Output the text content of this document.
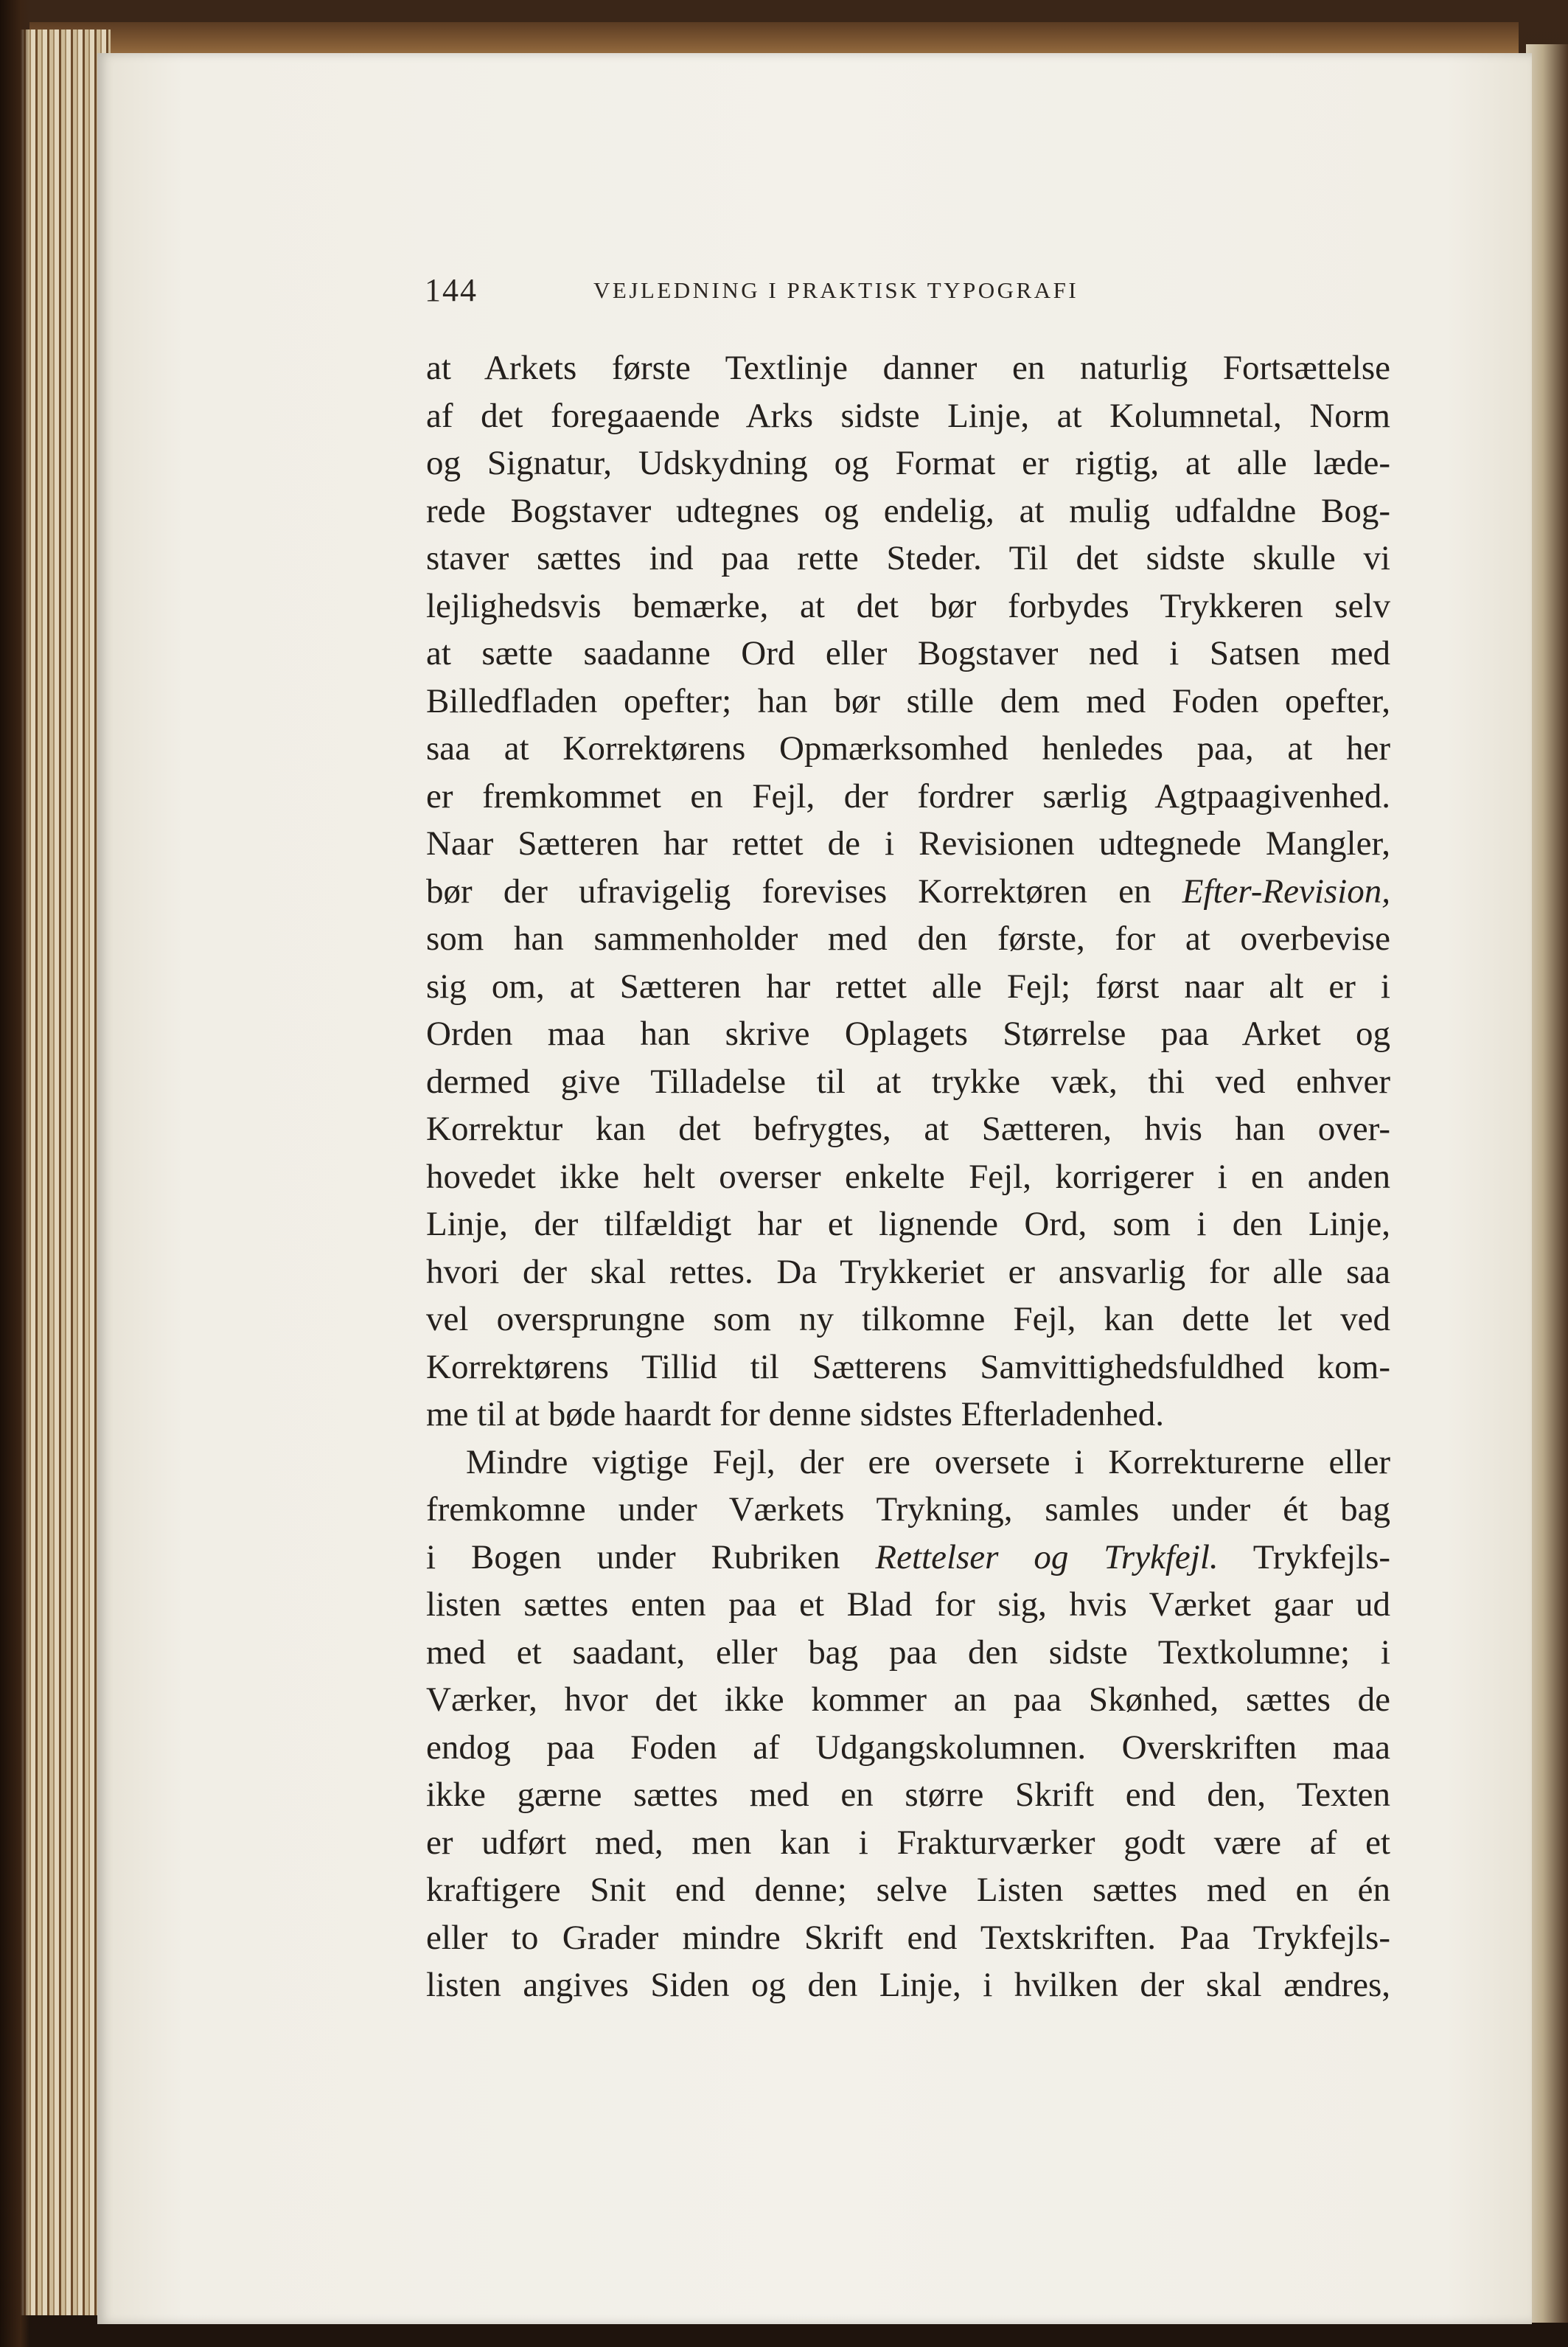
144	VEJLEDNING I PRAKTISK TYPOGRAFI
at Arkets første Textlinje danner en naturlig Fortsættelse
af det foregaaende Arks sidste Linje, at Kolumnetal, Norm
og Signatur, Udskydning og Format er rigtig, at alle læde-
rede Bogstaver udtegnes og endelig, at mulig udfaldne Bog-
staver sættes ind paa rette Steder. Til det sidste skulle vi
lejlighedsvis bemærke, at det bør forbydes Trykkeren selv
at sætte saadanne Ord eller Bogstaver ned i Satsen med
Billedfladen opefter; han bør stille dem med Foden opefter,
saa at Korrektørens Opmærksomhed henledes paa, at her
er fremkommet en Fejl, der fordrer særlig Agtpaagivenhed.
Naar Sætteren har rettet de i Revisionen udtegnede Mangler,
bør der ufravigelig forevises Korrektøren en Efter-Revision,
som han sammenholder med den første, for at overbevise
sig om, at Sætteren har rettet alle Fejl; først naar alt er i
Orden maa han skrive Oplagets Størrelse paa Arket og
dermed give Tilladelse til at trykke væk, thi ved enhver
Korrektur kan det befrygtes, at Sætteren, hvis han over-
hovedet ikke helt overser enkelte Fejl, korrigerer i en anden
Linje, der tilfældigt har et lignende Ord, som i den Linje,
hvori der skal rettes. Da Trykkeriet er ansvarlig for alle saa
vel oversprungne som ny tilkomne Fejl, kan dette let ved
Korrektørens Tillid til Sætterens Samvittighedsfuldhed kom-
me til at bøde haardt for denne sidstes Efterladenhed.
Mindre vigtige Fejl, der ere oversete i Korrekturerne eller
fremkomne under Værkets Trykning, samles under ét bag
i Bogen under Rubriken Rettelser og Trykfejl. Trykfejls-
listen sættes enten paa et Blad for sig, hvis Værket gaar ud
med et saadant, eller bag paa den sidste Textkolumne; i
Værker, hvor det ikke kommer an paa Skønhed, sættes de
endog paa Foden af Udgangskolumnen. Overskriften maa
ikke gærne sættes med en større Skrift end den, Texten
er udført med, men kan i Frakturværker godt være af et
kraftigere Snit end denne; selve Listen sættes med en én
eller to Grader mindre Skrift end Textskriften. Paa Trykfejls-
listen angives Siden og den Linje, i hvilken der skal ændres,
